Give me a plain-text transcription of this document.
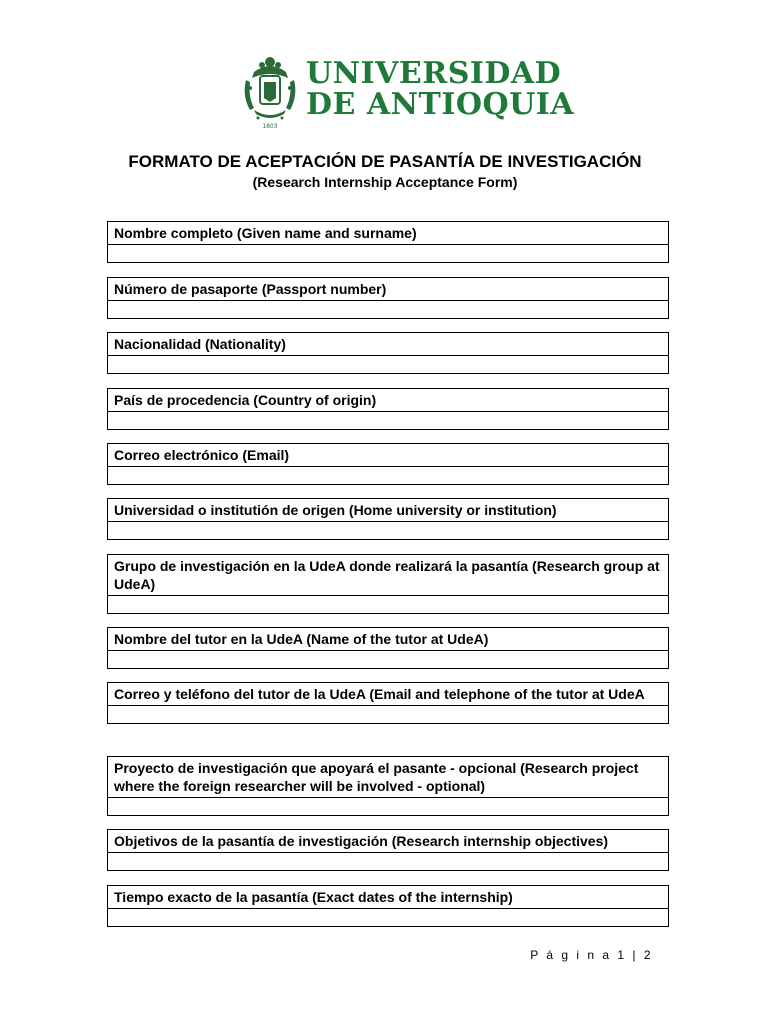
1803
UNIVERSIDAD
DE ANTIOQUIA
FORMATO DE ACEPTACIÓN DE PASANTÍA DE INVESTIGACIÓN
(Research Internship Acceptance Form)
Nombre completo (Given name and surname)
Número de pasaporte (Passport number)
Nacionalidad (Nationality)
País de procedencia (Country of origin)
Correo electrónico (Email)
Universidad o institutión de origen (Home university or institution)
Grupo de investigación en la UdeA donde realizará la pasantía (Research group at UdeA)
Nombre del tutor en la UdeA (Name of the tutor at UdeA)
Correo y teléfono del tutor de la UdeA (Email and telephone of the tutor at UdeA
Proyecto de investigación que apoyará el pasante - opcional (Research project where the foreign researcher will be involved - optional)
Objetivos de la pasantía de investigación (Research internship objectives)
Tiempo exacto de la pasantía (Exact dates of the internship)
P á g i n a 1 | 2
